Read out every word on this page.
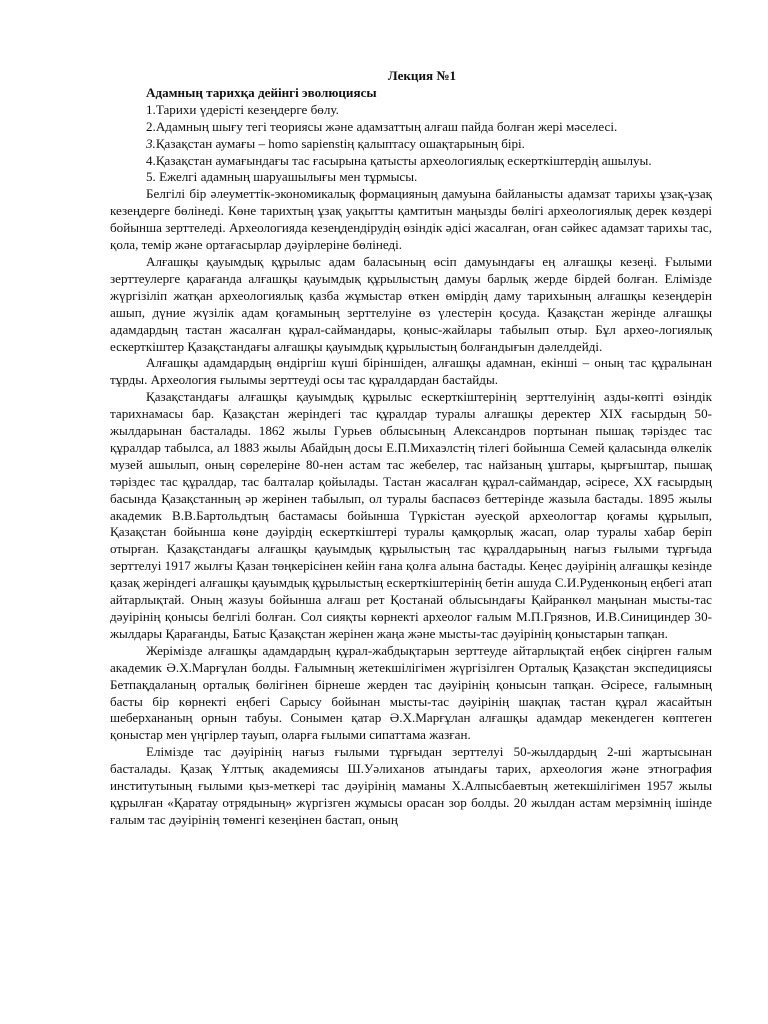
Лекция №1

Адамның тарихқа дейінгі эволюциясы

1.Тарихи үдерісті кезеңдерге бөлу.

2.Адамның шығу тегі теориясы және адамзаттың алғаш пайда болған жері мәселесі.

3.Қазақстан аумағы – homo sapienstің қалыптасу ошақтарының бірі.

4.Қазақстан аумағындағы тас ғасырына қатысты археологиялық ескерткіштердің ашылуы.

5. Ежелгі адамның шаруашылығы мен тұрмысы.

Белгілі бір әлеуметтік-экономикалық формацияның дамуына байланысты адамзат тарихы ұзақ-ұзақ кезеңдерге бөлінеді. Көне тарихтың ұзақ уақытты қамтитын маңызды бөлігі археологиялық дерек көздері бойынша зерттеледі. Археологияда кезеңдендірудің өзіндік әдісі жасалған, оған сәйкес адамзат тарихы тас, қола, темір және ортағасырлар дәуірлеріне бөлінеді.

Алғашқы қауымдық құрылыс адам баласының өсіп дамуындағы ең алғашқы кезеңі. Ғылыми зерттеулерге қарағанда алғашқы қауымдық құрылыстың дамуы барлық жерде бірдей болған. Елімізде жүргізіліп жатқан археологиялық қазба жұмыстар өткен өмірдің даму тарихының алғашқы кезеңдерін ашып, дүние жүзілік адам қоғамының зерттелуіне өз үлестерін қосуда. Қазақстан жерінде алғашқы адамдардың тастан жасалған құрал-саймандары, қоныс-жайлары табылып отыр. Бұл архео-логиялық ескерткіштер Қазақстандағы алғашқы қауымдық құрылыстың болғандығын дәлелдейді.

Алғашқы адамдардың өндіргіш күші біріншіден, алғашқы адамнан, екінші – оның тас құралынан тұрды. Археология ғылымы зерттеуді осы тас құралдардан бастайды.

Қазақстандағы алғашқы қауымдық құрылыс ескерткіштерінің зерттелуінің азды-көпті өзіндік тарихнамасы бар. Қазақстан жеріндегі тас құралдар туралы алғашқы деректер XIX ғасырдың 50-жылдарынан басталады. 1862 жылы Гурьев облысының Александров портынан пышақ тәріздес тас құралдар табылса, ал 1883 жылы Абайдың досы Е.П.Михаэлстің тілегі бойынша Семей қаласында өлкелік музей ашылып, оның сөрелеріне 80-нен астам тас жебелер, тас найзаның ұштары, қырғыштар, пышақ тәріздес тас құралдар, тас балталар қойылады. Тастан жасалған құрал-саймандар, әсіресе, XX ғасырдың басында Қазақстанның әр жерінен табылып, ол туралы баспасөз беттерінде жазыла бастады. 1895 жылы академик В.В.Бартольдтың бастамасы бойынша Түркістан әуесқой археологтар қоғамы құрылып, Қазақстан бойынша көне дәуірдің ескерткіштері туралы қамқорлық жасап, олар туралы хабар беріп отырған. Қазақстандағы алғашқы қауымдық құрылыстың тас құралдарының нағыз ғылыми тұрғыда зерттелуі 1917 жылғы Қазан төңкерісінен кейін ғана қолға алына бастады. Кеңес дәуірінің алғашқы кезінде қазақ жеріндегі алғашқы қауымдық құрылыстың ескерткіштерінің бетін ашуда С.И.Руденконың еңбегі атап айтарлықтай. Оның жазуы бойынша алғаш рет Қостанай облысындағы Қайранкөл маңынан мысты-тас дәуірінің қонысы белгілі болған. Сол сияқты көрнекті археолог ғалым М.П.Грязнов, И.В.Синициндер 30-жылдары Қарағанды, Батыс Қазақстан жерінен жаңа және мысты-тас дәуірінің қоныстарын тапқан.

Жерімізде алғашқы адамдардың құрал-жабдықтарын зерттеуде айтарлықтай еңбек сіңірген ғалым академик Ә.Х.Марғұлан болды. Ғалымның жетекшілігімен жүргізілген Орталық Қазақстан экспедициясы Бетпақдаланың орталық бөлігінен бірнеше жерден тас дәуірінің қонысын тапқан. Әсіресе, ғалымның басты бір көрнекті еңбегі Сарысу бойынан мысты-тас дәуірінің шақпақ тастан құрал жасайтын шеберхананың орнын табуы. Сонымен қатар Ә.Х.Марғұлан алғашқы адамдар мекендеген көптеген қоныстар мен үңгірлер тауып, оларға ғылыми сипаттама жазған.

Елімізде тас дәуірінің нағыз ғылыми тұрғыдан зерттелуі 50-жылдардың 2-ші жартысынан басталады. Қазақ Ұлттық академиясы Ш.Уәлиханов атындағы тарих, археология және этнография институтының ғылыми қыз-меткері тас дәуірінің маманы Х.Алпысбаевтың жетекшілігімен 1957 жылы құрылған «Қаратау отрядының» жүргізген жұмысы орасан зор болды. 20 жылдан астам мерзімнің ішінде ғалым тас дәуірінің төменгі кезеңінен бастап, оның
